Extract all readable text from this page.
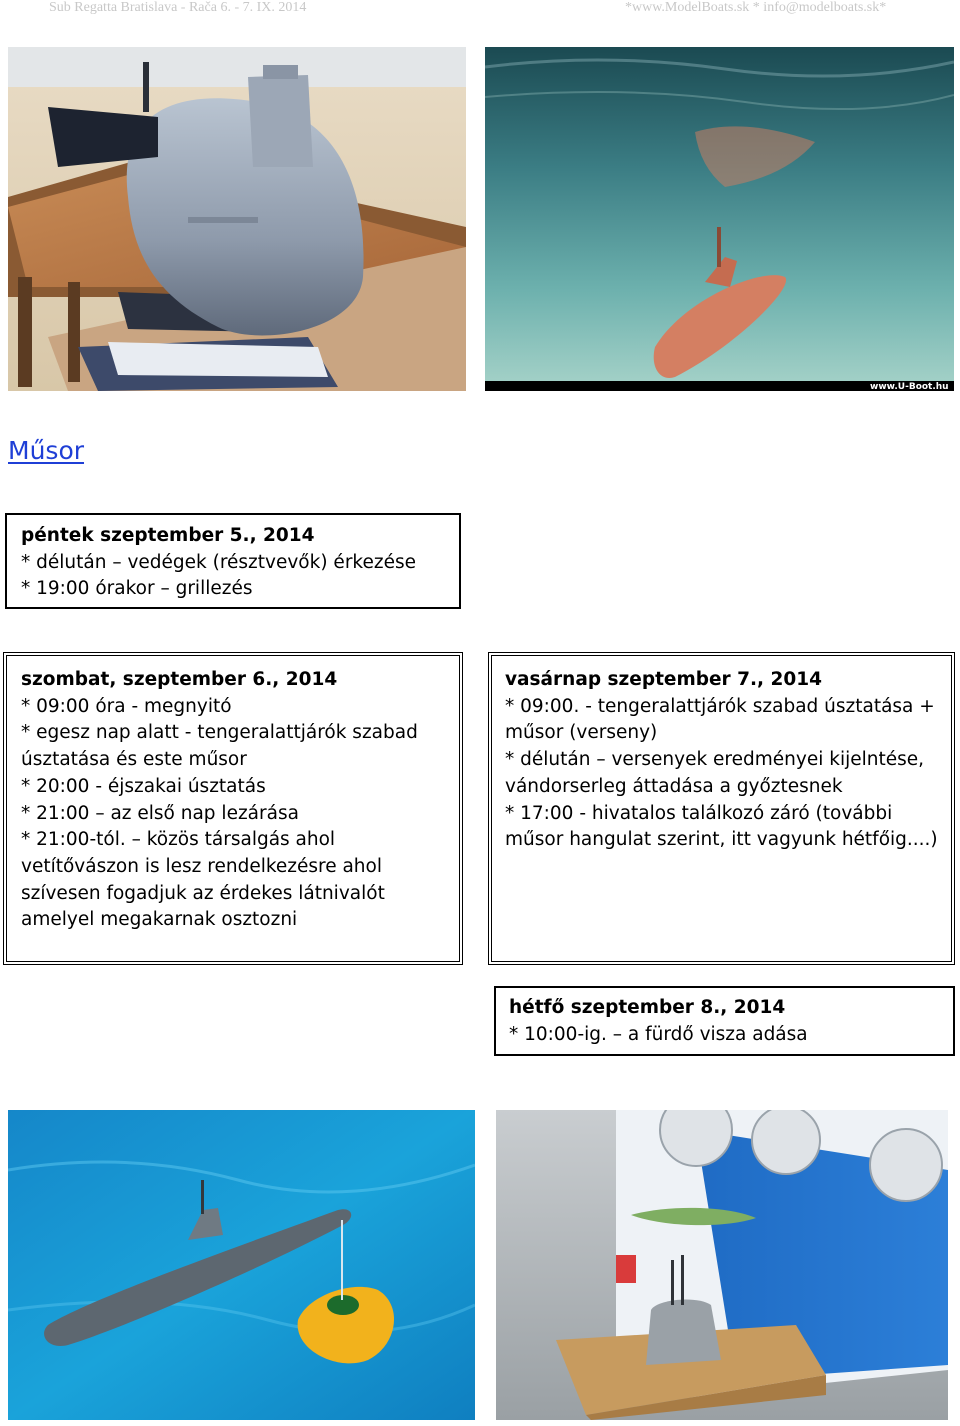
Sub Regatta Bratislava - Rača 6. - 7. IX. 2014	*www.ModelBoats.sk * info@modelboats.sk*
www.U-Boot.hu
Műsor
péntek szeptember 5., 2014
* délután – vedégek (résztvevők) érkezése
* 19:00 órakor – grillezés
szombat, szeptember 6., 2014
* 09:00 óra - megnyitó
* egesz nap alatt - tengeralattjárók szabad
úsztatása és este műsor
* 20:00 - éjszakai úsztatás
* 21:00 – az első nap lezárása
* 21:00-tól. – közös társalgás ahol
vetítővászon is lesz rendelkezésre ahol
szívesen fogadjuk az érdekes látnivalót
amelyel megakarnak osztozni
vasárnap szeptember 7., 2014
* 09:00. - tengeralattjárók szabad úsztatása +
műsor (verseny)
* délután – versenyek eredményei kijelntése,
vándorserleg áttadása a győztesnek
* 17:00 - hivatalos találkozó záró (további
műsor hangulat szerint, itt vagyunk hétfőig....)
hétfő szeptember 8., 2014
* 10:00-ig. – a fürdő visza adása
